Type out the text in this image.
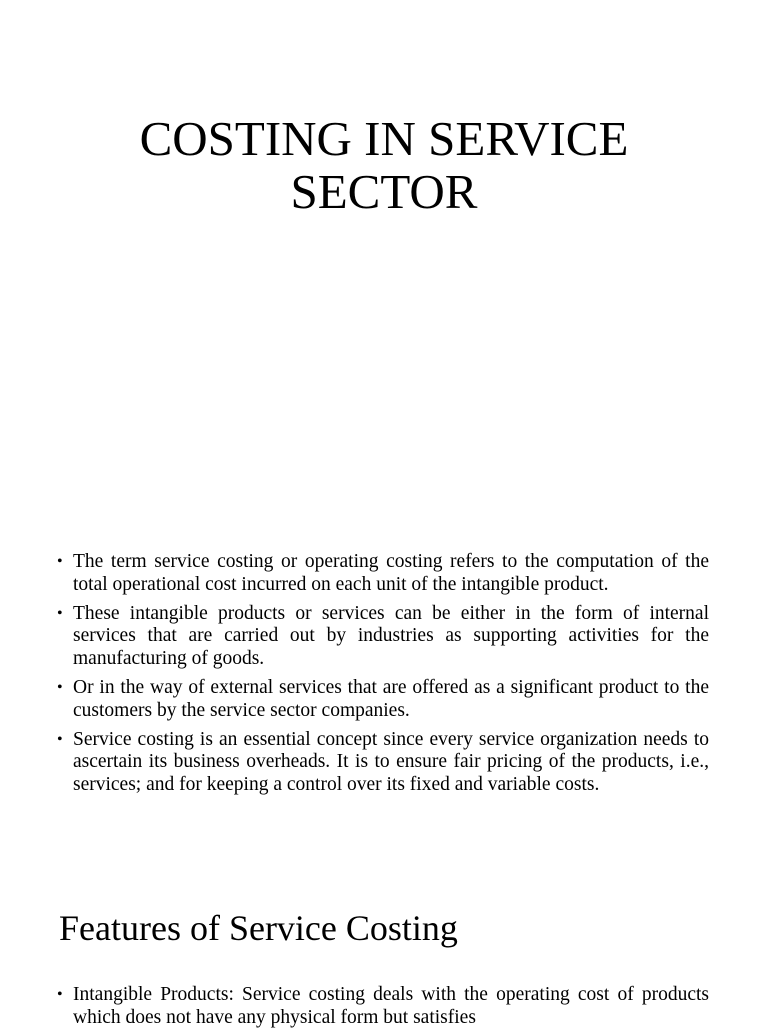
COSTING IN SERVICE
SECTOR
• The term service costing or operating costing refers to the computation of the total operational cost incurred on each unit of the intangible product.
• These intangible products or services can be either in the form of internal services that are carried out by industries as supporting activities for the manufacturing of goods.
• Or in the way of external services that are offered as a significant product to the customers by the service sector companies.
• Service costing is an essential concept since every service organization needs to ascertain its business overheads. It is to ensure fair pricing of the products, i.e., services; and for keeping a control over its fixed and variable costs.
Features of Service Costing
• Intangible Products: Service costing deals with the operating cost of products which does not have any physical form but satisfies
